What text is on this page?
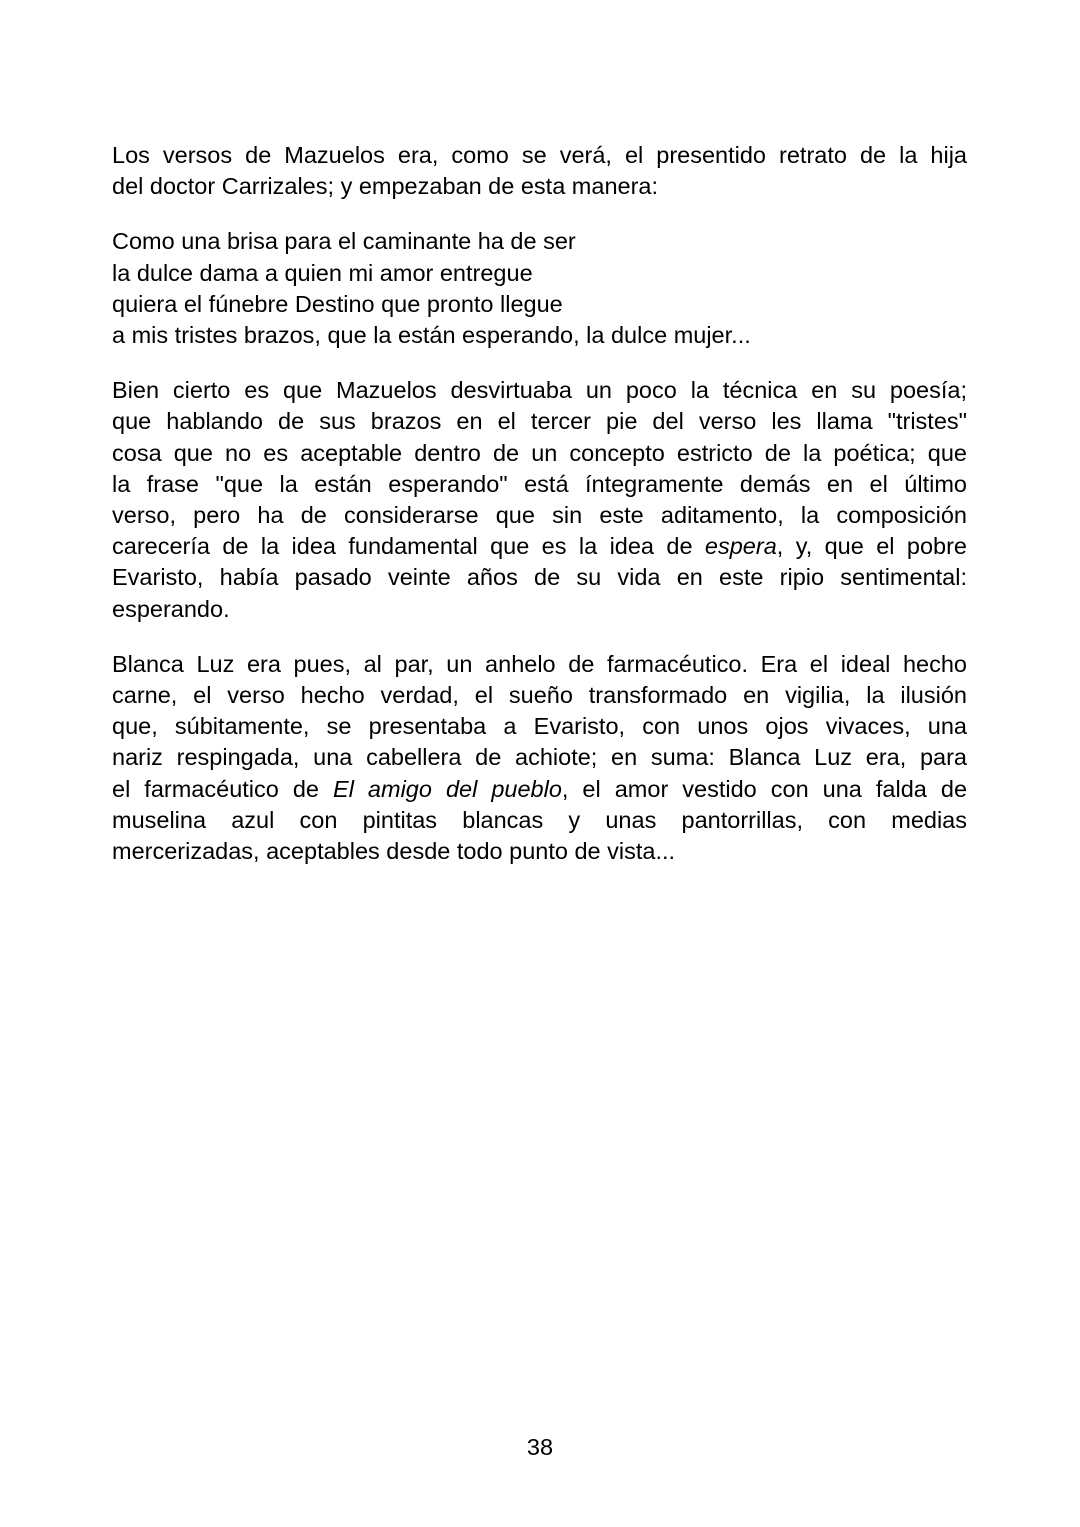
Los versos de Mazuelos era, como se verá, el presentido retrato de la hija
del doctor Carrizales; y empezaban de esta manera:

Como una brisa para el caminante ha de ser
la dulce dama a quien mi amor entregue
quiera el fúnebre Destino que pronto llegue
a mis tristes brazos, que la están esperando, la dulce mujer...

Bien cierto es que Mazuelos desvirtuaba un poco la técnica en su poesía;
que hablando de sus brazos en el tercer pie del verso les llama "tristes"
cosa que no es aceptable dentro de un concepto estricto de la poética; que
la frase "que la están esperando" está íntegramente demás en el último
verso, pero ha de considerarse que sin este aditamento, la composición
carecería de la idea fundamental que es la idea de espera, y, que el pobre
Evaristo, había pasado veinte años de su vida en este ripio sentimental:
esperando.

Blanca Luz era pues, al par, un anhelo de farmacéutico. Era el ideal hecho
carne, el verso hecho verdad, el sueño transformado en vigilia, la ilusión
que, súbitamente, se presentaba a Evaristo, con unos ojos vivaces, una
nariz respingada, una cabellera de achiote; en suma: Blanca Luz era, para
el farmacéutico de El amigo del pueblo, el amor vestido con una falda de
muselina azul con pintitas blancas y unas pantorrillas, con medias
mercerizadas, aceptables desde todo punto de vista...

38
